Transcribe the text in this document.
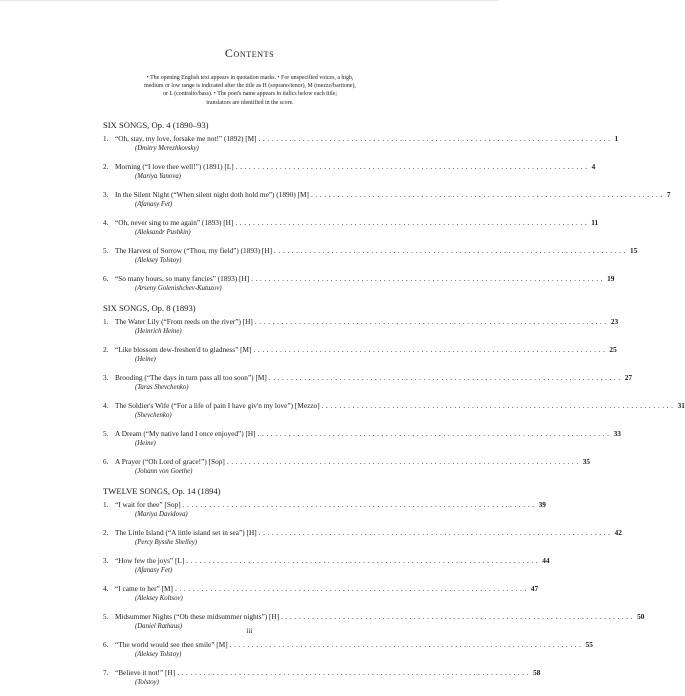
Contents
• The opening English text appears in quotation marks. • For unspecified voices, a high,
medium or low range is indicated after the title as H (soprano/tenor), M (mezzo/baritone),
or L (contralto/bass). • The poet's name appears in italics below each title;
translators are identified in the score.
SIX SONGS, Op. 4 (1890–93)
1. “Oh, stay, my love, forsake me not!” (1892) [M] ................................................................................ 1
(Dmitry Merezhkovsky)
2. Morning (“I love thee well!”) (1891) [L] ................................................................................ 4
(Mariya Yanova)
3. In the Silent Night (“When silent night doth hold me”) (1890) [M] ................................................................................ 7
(Afanasy Fet)
4. “Oh, never sing to me again” (1893) [H] ................................................................................ 11
(Aleksandr Pushkin)
5. The Harvest of Sorrow (“Thou, my field”) (1893) [H] ................................................................................ 15
(Aleksey Tolstoy)
6. “So many hours, so many fancies” (1893) [H] ................................................................................ 19
(Arseny Golenishchev-Kutuzov)
SIX SONGS, Op. 8 (1893)
1. The Water Lily (“From reeds on the river”) [H] ................................................................................ 23
(Heinrich Heine)
2. “Like blossom dew-freshen'd to gladness” [M] ................................................................................ 25
(Heine)
3. Brooding (“The days in turn pass all too soon”) [M] ................................................................................ 27
(Taras Shevchenko)
4. The Soldier's Wife (“For a life of pain I have giv'n my love”) [Mezzo] ................................................................................ 31
(Shevchenko)
5. A Dream (“My native land I once enjoyed”) [H] ................................................................................ 33
(Heine)
6. A Prayer (“Oh Lord of grace!”) [Sop] ................................................................................ 35
(Johann von Goethe)
TWELVE SONGS, Op. 14 (1894)
1. “I wait for thee” [Sop] ................................................................................ 39
(Mariya Davidova)
2. The Little Island (“A little island set in sea”) [H] ................................................................................ 42
(Percy Bysshe Shelley)
3. “How few the joys” [L] ................................................................................ 44
(Afanasy Fet)
4. “I came to her” [M] ................................................................................ 47
(Aleksey Koltsov)
5. Midsummer Nights (“Oh these midsummer nights”) [H] ................................................................................ 50
(Daniel Rathaus)
6. “The world would see thee smile” [M] ................................................................................ 55
(Aleksey Tolstoy)
7. “Believe it not!” [H] ................................................................................ 58
(Tolstoy)
iii
